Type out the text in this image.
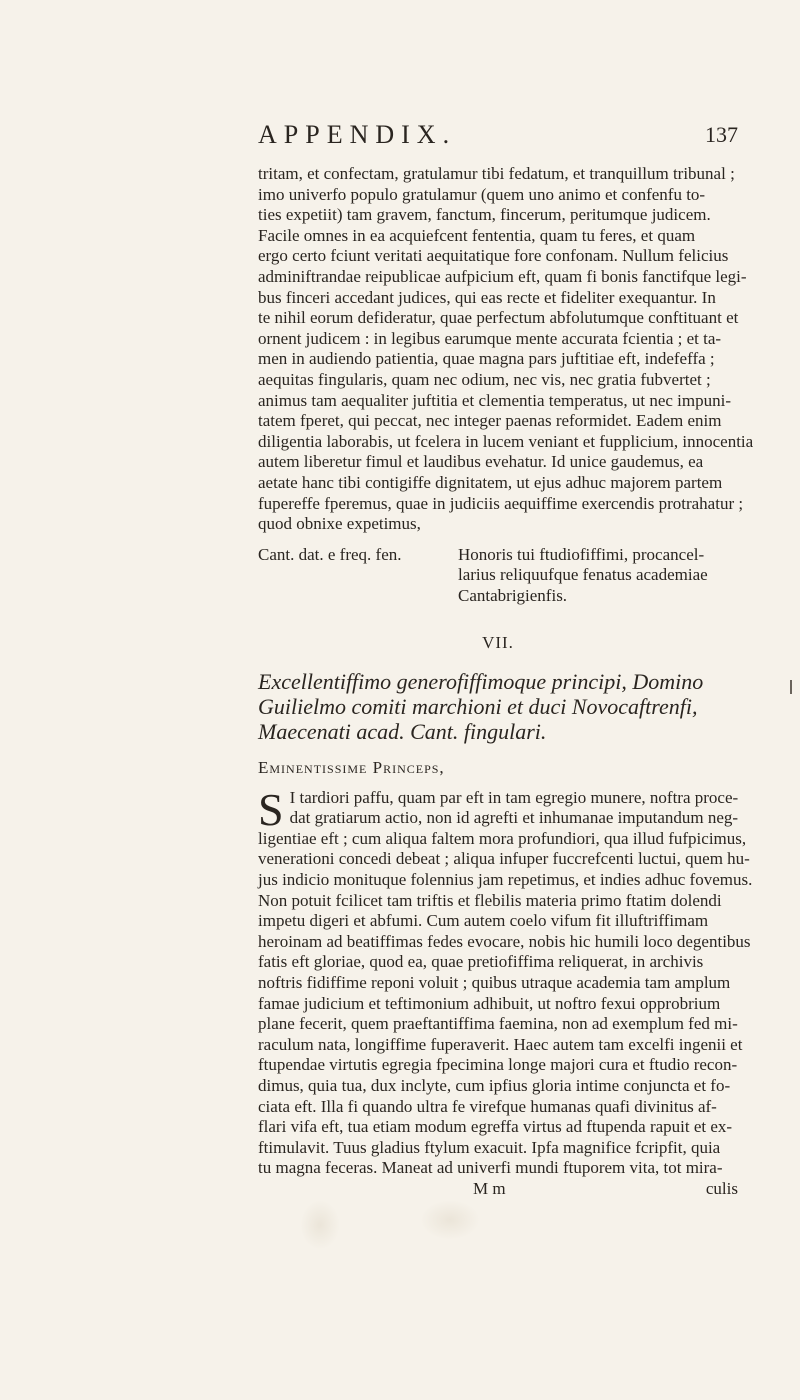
APPENDIX.	137

tritam, et confectam, gratulamur tibi fedatum, et tranquillum tribunal ;
imo univerfo populo gratulamur (quem uno animo et confenfu to-
ties expetiit) tam gravem, fanctum, fincerum, peritumque judicem.
Facile omnes in ea acquiefcent fententia, quam tu feres, et quam
ergo certo fciunt veritati aequitatique fore confonam. Nullum felicius
adminiftrandae reipublicae aufpicium eft, quam fi bonis fanctifque legi-
bus finceri accedant judices, qui eas recte et fideliter exequantur. In
te nihil eorum defideratur, quae perfectum abfolutumque conftituant et
ornent judicem : in legibus earumque mente accurata fcientia ; et ta-
men in audiendo patientia, quae magna pars juftitiae eft, indefeffa ;
aequitas fingularis, quam nec odium, nec vis, nec gratia fubvertet ;
animus tam aequaliter juftitia et clementia temperatus, ut nec impuni-
tatem fperet, qui peccat, nec integer paenas reformidet. Eadem enim
diligentia laborabis, ut fcelera in lucem veniant et fupplicium, innocentia
autem liberetur fimul et laudibus evehatur. Id unice gaudemus, ea
aetate hanc tibi contigiffe dignitatem, ut ejus adhuc majorem partem
fupereffe fperemus, quae in judiciis aequiffime exercendis protrahatur ;
quod obnixe expetimus,

Cant. dat. e freq. fen.	Honoris tui ftudiofiffimi, procancel-
larius reliquufque fenatus academiae
Cantabrigienfis.
VII.
Excellentiffimo generofiffimoque principi, Domino
Guilielmo comiti marchioni et duci Novocaftrenfi,
Maecenati acad. Cant. fingulari.
Eminentissime Princeps,
S I tardiori paffu, quam par eft in tam egregio munere, noftra proce-
dat gratiarum actio, non id agrefti et inhumanae imputandum neg-
ligentiae eft ; cum aliqua faltem mora profundiori, qua illud fufpicimus,
venerationi concedi debeat ; aliqua infuper fuccrefcenti luctui, quem hu-
jus indicio monituque folennius jam repetimus, et indies adhuc fovemus.
Non potuit fcilicet tam triftis et flebilis materia primo ftatim dolendi
impetu digeri et abfumi. Cum autem coelo vifum fit illuftriffimam
heroinam ad beatiffimas fedes evocare, nobis hic humili loco degentibus
fatis eft gloriae, quod ea, quae pretiofiffima reliquerat, in archivis
noftris fidiffime reponi voluit ; quibus utraque academia tam amplum
famae judicium et teftimonium adhibuit, ut noftro fexui opprobrium
plane fecerit, quem praeftantiffima faemina, non ad exemplum fed mi-
raculum nata, longiffime fuperaverit. Haec autem tam excelfi ingenii et
ftupendae virtutis egregia fpecimina longe majori cura et ftudio recon-
dimus, quia tua, dux inclyte, cum ipfius gloria intime conjuncta et fo-
ciata eft. Illa fi quando ultra fe virefque humanas quafi divinitus af-
flari vifa eft, tua etiam modum egreffa virtus ad ftupenda rapuit et ex-
ftimulavit. Tuus gladius ftylum exacuit. Ipfa magnifice fcripfit, quia
tu magna feceras. Maneat ad univerfi mundi ftuporem vita, tot mira-
M m	culis
